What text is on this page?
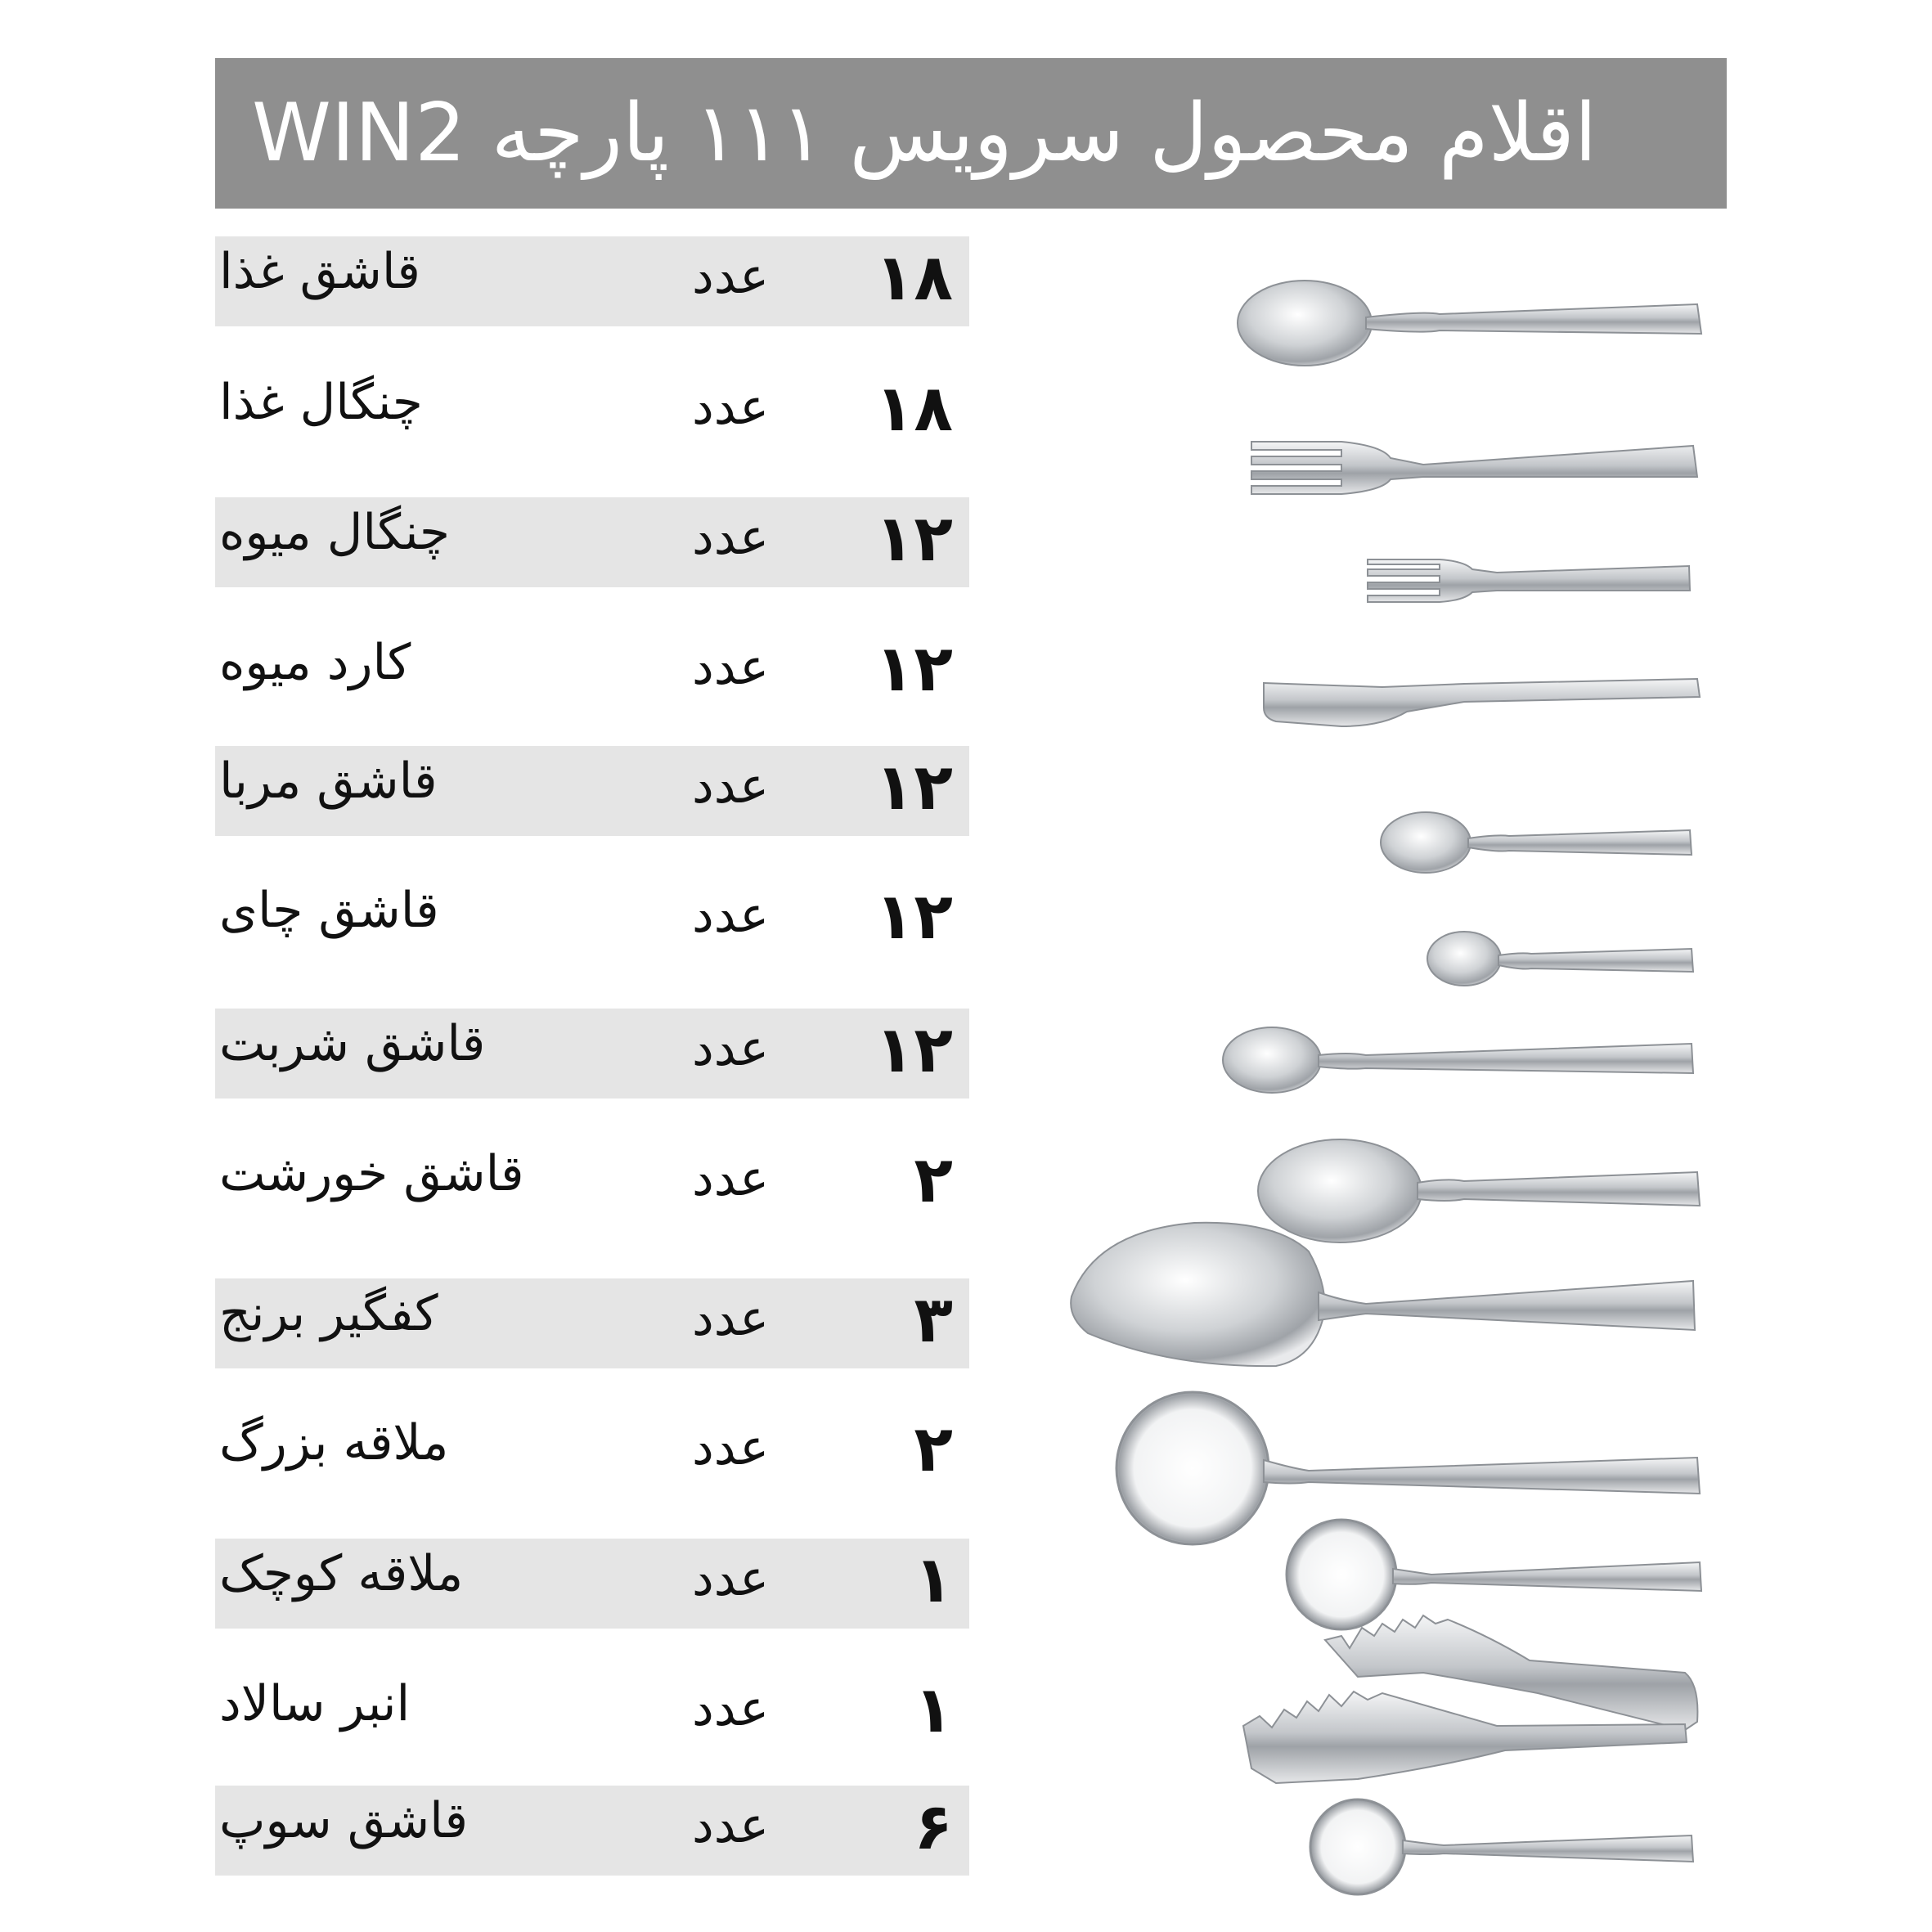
اقلام محصول سرویس ۱۱۱ پارچه WIN2
قاشق غذا	عدد	۱۸
چنگال غذا	عدد	۱۸
چنگال میوه	عدد	۱۲
کارد میوه	عدد	۱۲
قاشق مربا	عدد	۱۲
قاشق چای	عدد	۱۲
قاشق شربت	عدد	۱۲
قاشق خورشت	عدد	۲
کفگیر برنج	عدد	۳
ملاقه بزرگ	عدد	۲
ملاقه کوچک	عدد	۱
انبر سالاد	عدد	۱
قاشق سوپ	عدد	۶
